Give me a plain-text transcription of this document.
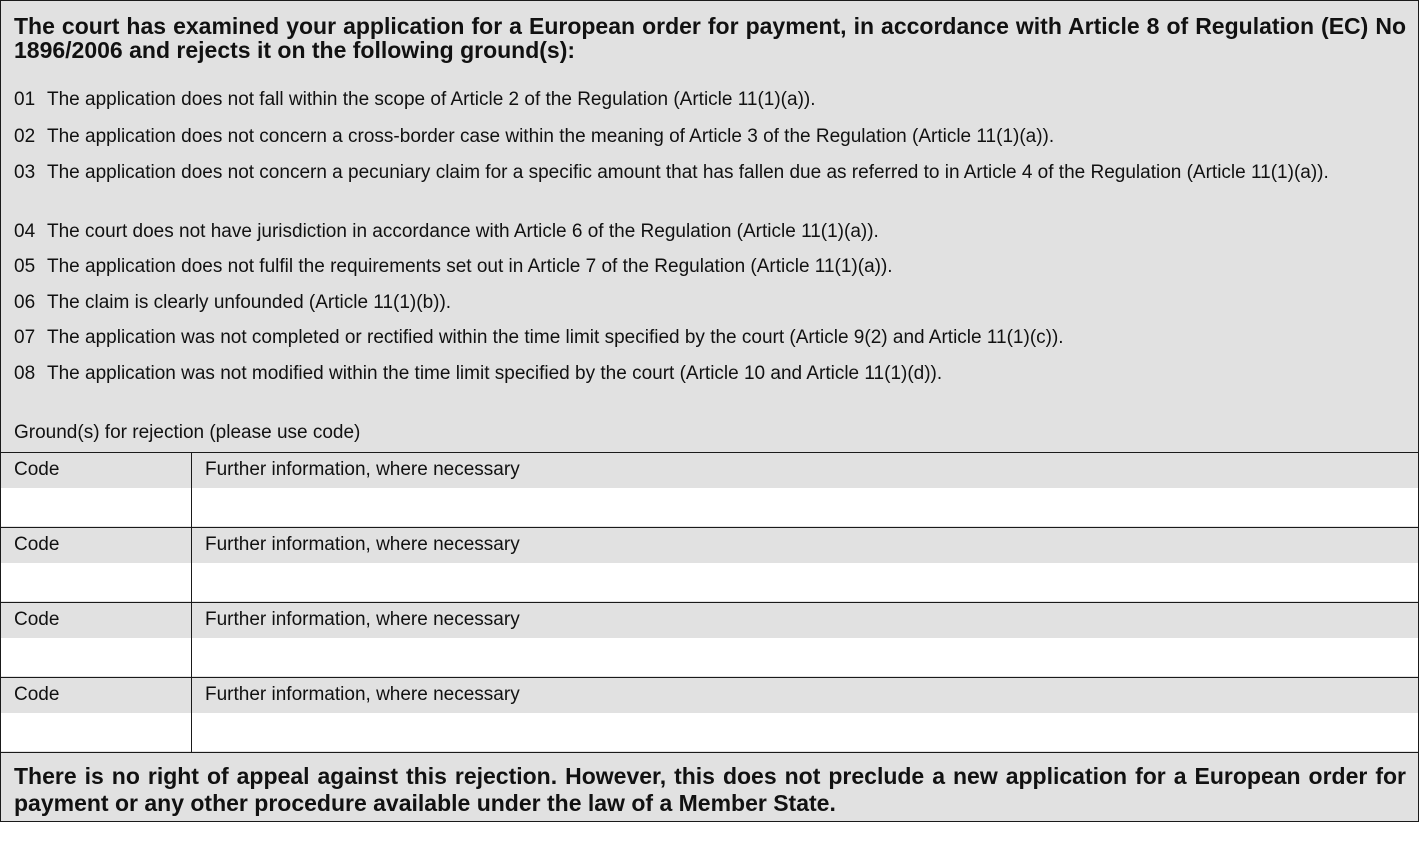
The court has examined your application for a European order for payment, in accordance with Article 8 of Regulation (EC) No 1896/2006 and rejects it on the following ground(s):
01 The application does not fall within the scope of Article 2 of the Regulation (Article 11(1)(a)).
02 The application does not concern a cross-border case within the meaning of Article 3 of the Regulation (Article 11(1)(a)).
03 The application does not concern a pecuniary claim for a specific amount that has fallen due as referred to in Article 4 of the Regulation (Article 11(1)(a)).
04 The court does not have jurisdiction in accordance with Article 6 of the Regulation (Article 11(1)(a)).
05 The application does not fulfil the requirements set out in Article 7 of the Regulation (Article 11(1)(a)).
06 The claim is clearly unfounded (Article 11(1)(b)).
07 The application was not completed or rectified within the time limit specified by the court (Article 9(2) and Article 11(1)(c)).
08 The application was not modified within the time limit specified by the court (Article 10 and Article 11(1)(d)).
Ground(s) for rejection (please use code)
Code	Further information, where necessary
Code	Further information, where necessary
Code	Further information, where necessary
Code	Further information, where necessary
There is no right of appeal against this rejection. However, this does not preclude a new application for a European order for payment or any other procedure available under the law of a Member State.
